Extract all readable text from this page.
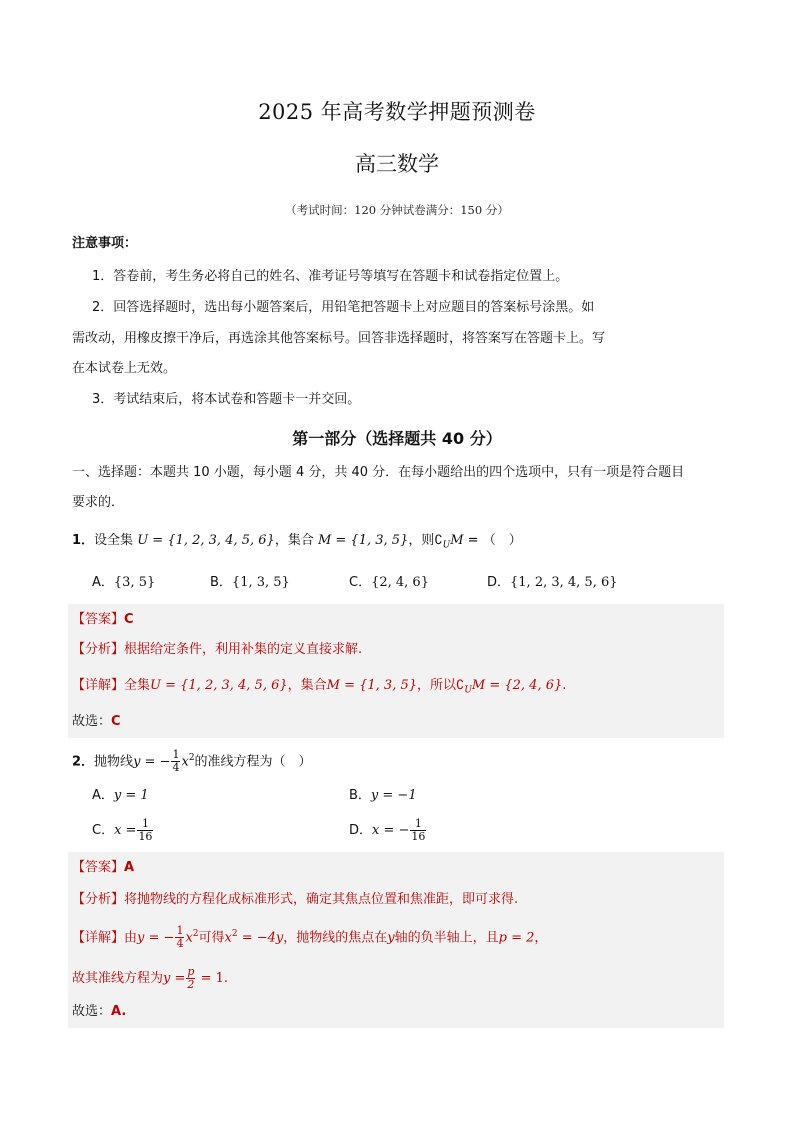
2025 年高考数学押题预测卷
高三数学
（考试时间：120 分钟试卷满分：150 分）
注意事项：
1．答卷前，考生务必将自己的姓名、准考证号等填写在答题卡和试卷指定位置上。
2．回答选择题时，选出每小题答案后，用铅笔把答题卡上对应题目的答案标号涂黑。如
需改动，用橡皮擦干净后，再选涂其他答案标号。回答非选择题时，将答案写在答题卡上。写
在本试卷上无效。
3．考试结束后，将本试卷和答题卡一并交回。
第一部分（选择题共 40 分）
一、选择题：本题共 10 小题，每小题 4 分，共 40 分．在每小题给出的四个选项中，只有一项是符合题目
要求的．
1．设全集 U = {1, 2, 3, 4, 5, 6}，集合 M = {1, 3, 5}，则$∁_UM$ = （　）
A．{3, 5}	B．{1, 3, 5}	C．{2, 4, 6}	D．{1, 2, 3, 4, 5, 6}
【答案】C
【分析】根据给定条件，利用补集的定义直接求解.
【详解】全集U = {1, 2, 3, 4, 5, 6}，集合M = {1, 3, 5}，所以$∁_UM = \{2$, 4, 6}.
故选：C
2．抛物线y = − $\frac{1}{4} x^2$的准线方程为（　）
A．y = 1	B．y = −1
C．$x = \frac{1}{16}$	D．x = − $\frac{1}{16}$
【答案】A
【分析】将抛物线的方程化成标准形式，确定其焦点位置和焦准距，即可求得.
【详解】由y = − $\frac{1}{4} x^2$可得$x^2 = -4y$，抛物线的焦点在y轴的负半轴上，且p = 2，
故其准线方程为$y = \frac{p}{2} = 1$.
故选：A.
